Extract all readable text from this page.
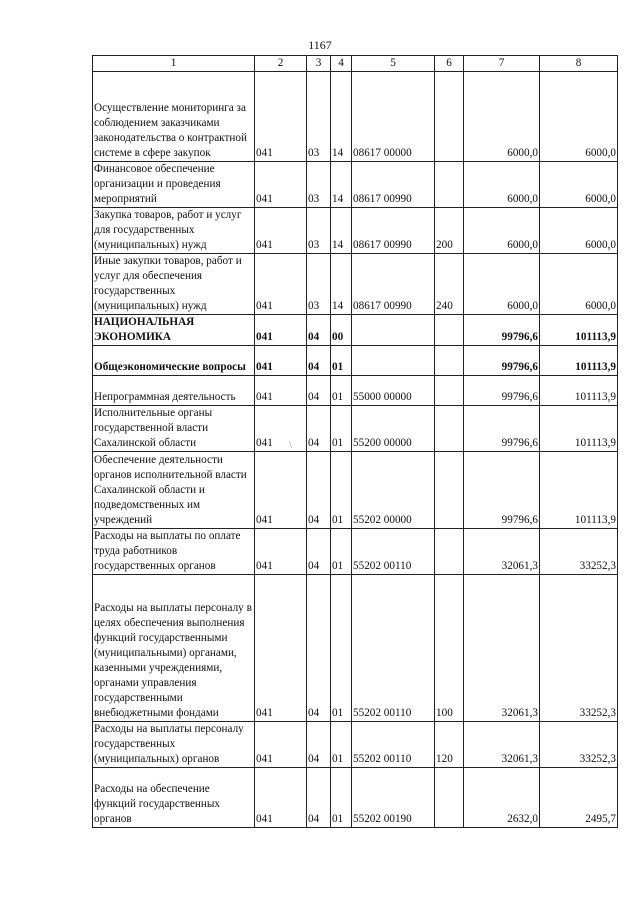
1167
1	2	3	4	5	6	7	8
Осуществление мониторинга за соблюдением заказчиками законодательства о контрактной системе в сфере закупок	041	03	14	08617 00000		6000,0	6000,0
Финансовое обеспечение организации и проведения мероприятий	041	03	14	08617 00990		6000,0	6000,0
Закупка товаров, работ и услуг для государственных (муниципальных) нужд	041	03	14	08617 00990	200	6000,0	6000,0
Иные закупки товаров, работ и услуг для обеспечения государственных (муниципальных) нужд	041	03	14	08617 00990	240	6000,0	6000,0
НАЦИОНАЛЬНАЯ ЭКОНОМИКА	041	04	00			99796,6	101113,9
Общеэкономические вопросы	041	04	01			99796,6	101113,9
Непрограммная деятельность	041	04	01	55000 00000		99796,6	101113,9
Исполнительные органы государственной власти Сахалинской области	041	04	01	55200 00000		99796,6	101113,9
Обеспечение деятельности органов исполнительной власти Сахалинской области и подведомственных им учреждений	041	04	01	55202 00000		99796,6	101113,9
Расходы на выплаты по оплате труда работников государственных органов	041	04	01	55202 00110		32061,3	33252,3
Расходы на выплаты персоналу в целях обеспечения выполнения функций государственными (муниципальными) органами, казенными учреждениями, органами управления государственными внебюджетными фондами	041	04	01	55202 00110	100	32061,3	33252,3
Расходы на выплаты персоналу государственных (муниципальных) органов	041	04	01	55202 00110	120	32061,3	33252,3
Расходы на обеспечение функций государственных органов	041	04	01	55202 00190		2632,0	2495,7
\
